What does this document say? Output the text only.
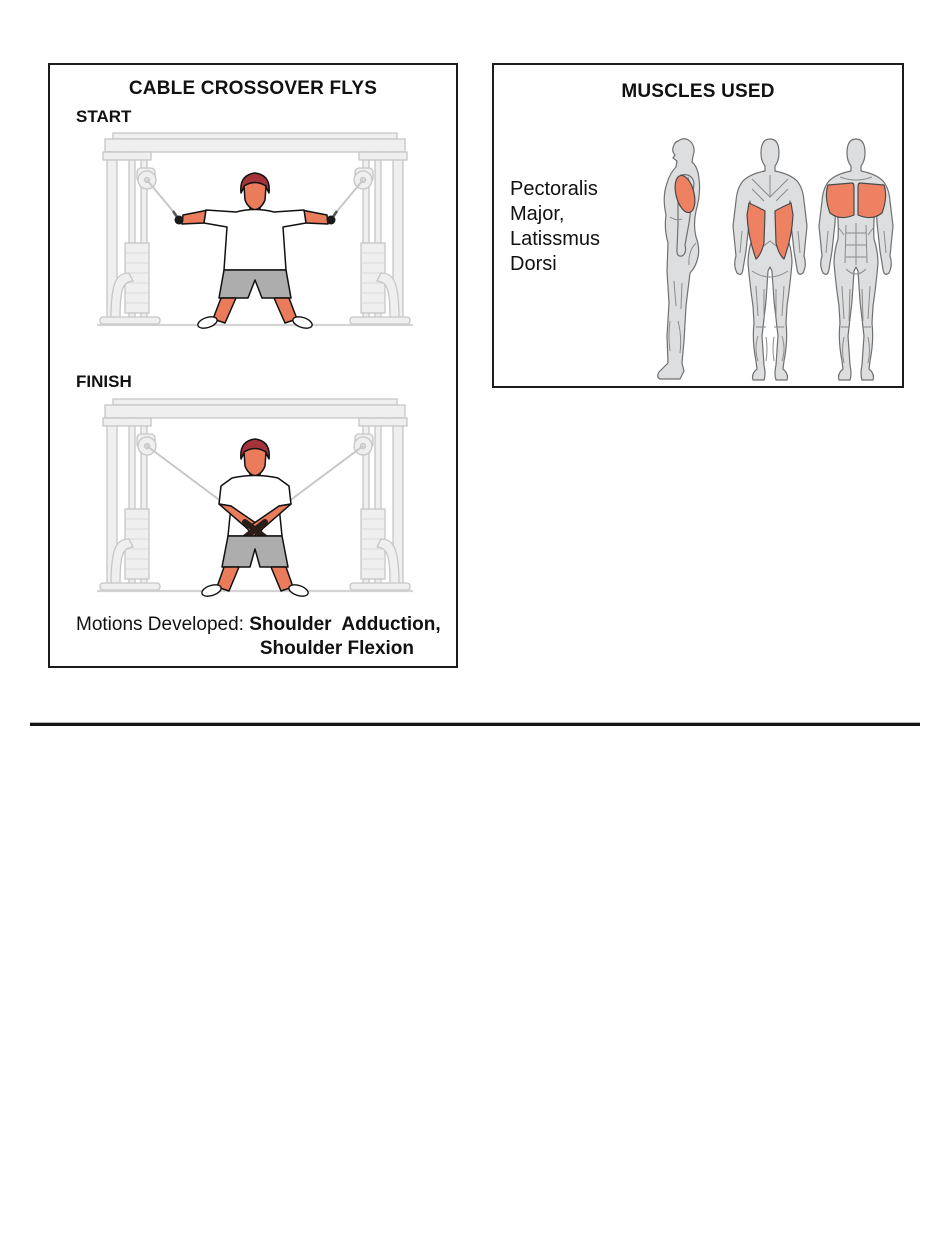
CABLE CROSSOVER FLYS
START
FINISH
Motions Developed: Shoulder  Adduction,
Shoulder Flexion
MUSCLES USED
Pectoralis
Major,
Latissmus
Dorsi
